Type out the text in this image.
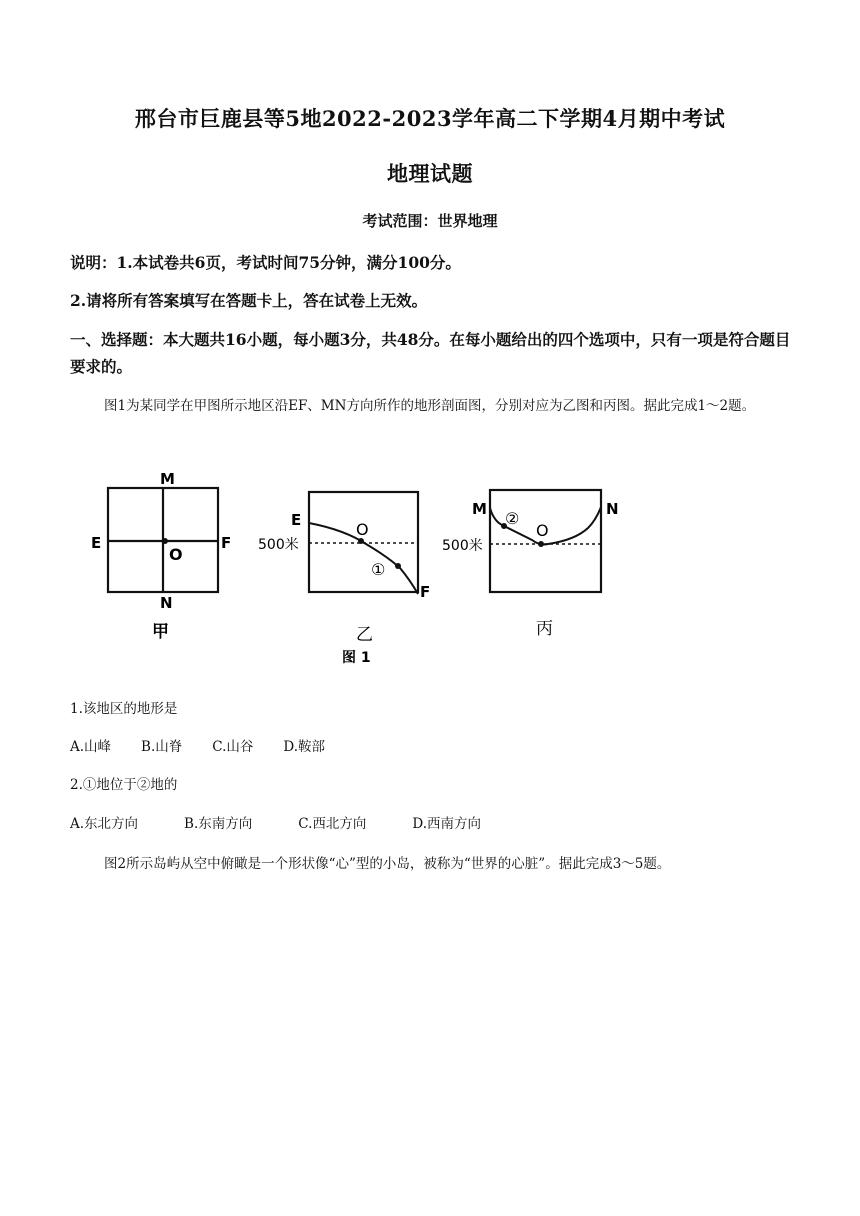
邢台市巨鹿县等5地2022-2023学年高二下学期4月期中考试
地理试题
考试范围：世界地理
说明：1.本试卷共6页，考试时间75分钟，满分100分。
2.请将所有答案填写在答题卡上，答在试卷上无效。
一、选择题：本大题共16小题，每小题3分，共48分。在每小题给出的四个选项中，只有一项是符合题目要求的。
图1为某同学在甲图所示地区沿EF、MN方向所作的地形剖面图，分别对应为乙图和丙图。据此完成1～2题。
M
N
E	F
O
甲
E
F
O
①
500米
乙
M	N
O
②
500米
丙
图 1
1.该地区的地形是
A.山峰 B.山脊 C.山谷 D.鞍部
2.①地位于②地的
A.东北方向	B.东南方向	C.西北方向	D.西南方向
图2所示岛屿从空中俯瞰是一个形状像“心”型的小岛，被称为“世界的心脏”。据此完成3～5题。
